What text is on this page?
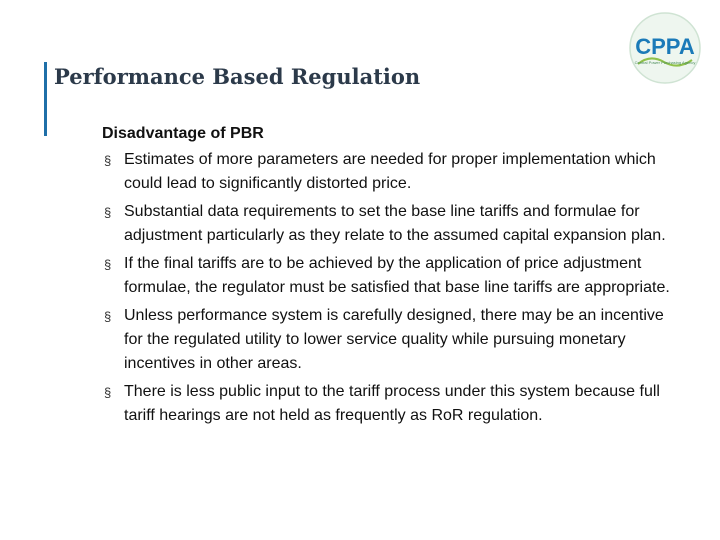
Performance Based Regulation
CPPA
Central Power Purchasing Agency
Disadvantage of PBR
§ Estimates of more parameters are needed for proper implementation which could lead to significantly distorted price.
§ Substantial data requirements to set the base line tariffs and formulae for adjustment particularly as they relate to the assumed capital expansion plan.
§ If the final tariffs are to be achieved by the application of price adjustment formulae, the regulator must be satisfied that base line tariffs are appropriate.
§ Unless performance system is carefully designed, there may be an incentive for the regulated utility to lower service quality while pursuing monetary incentives in other areas.
§ There is less public input to the tariff process under this system because full tariff hearings are not held as frequently as RoR regulation.
